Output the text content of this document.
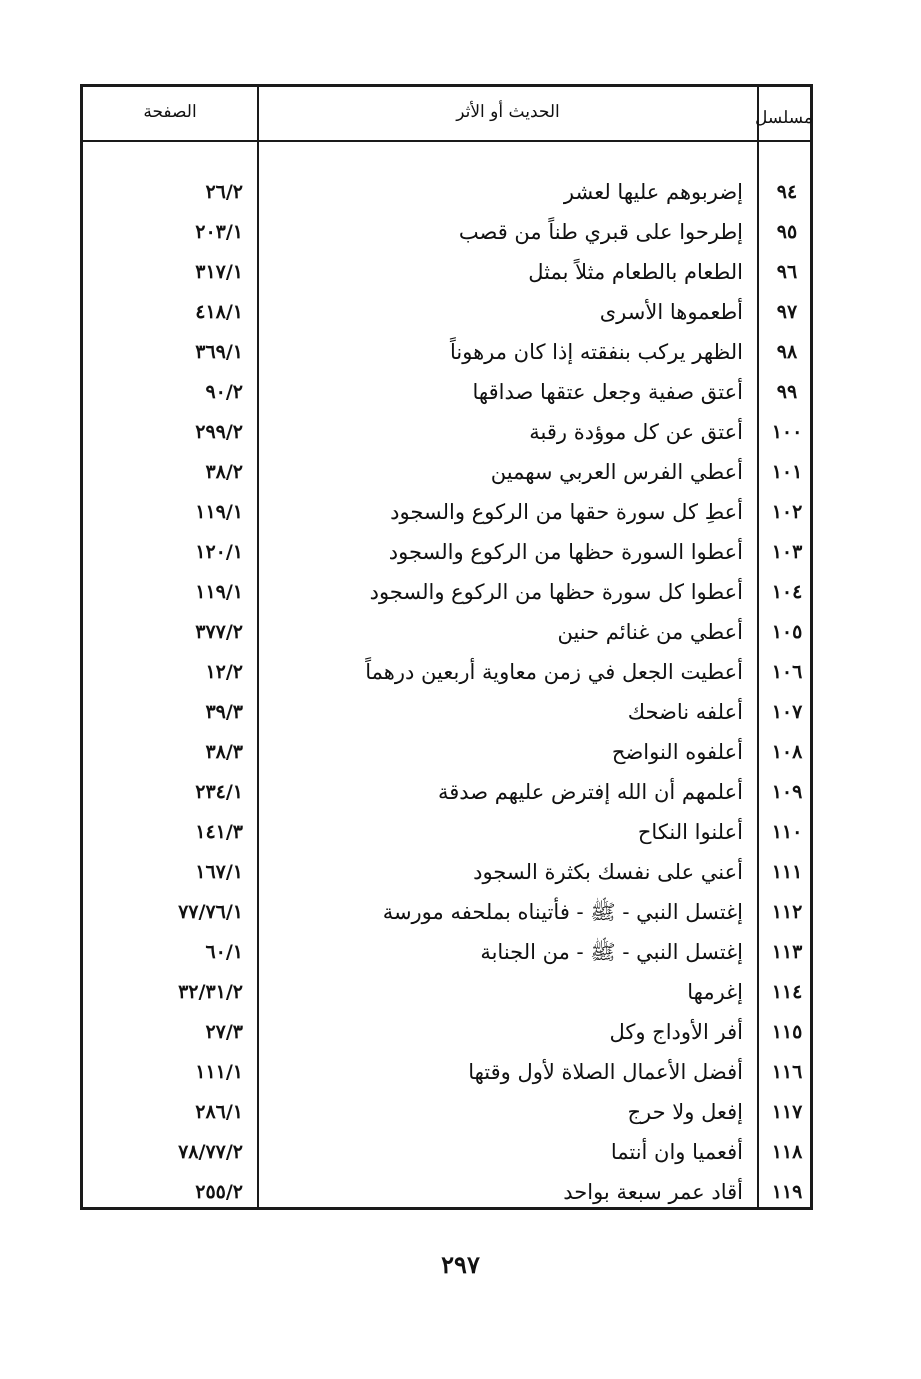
الصفحة	الحديث أو الأثر	مسلسل
٩٤
إضربوهم عليها لعشر
٢٦/٢
٩٥
إطرحوا على قبري طناً من قصب
٢٠٣/١
٩٦
الطعام بالطعام مثلاً بمثل
٣١٧/١
٩٧
أطعموها الأسرى
٤١٨/١
٩٨
الظهر يركب بنفقته إذا كان مرهوناً
٣٦٩/١
٩٩
أعتق صفية وجعل عتقها صداقها
٩٠/٢
١٠٠
أعتق عن كل موؤدة رقبة
٢٩٩/٢
١٠١
أعطي الفرس العربي سهمين
٣٨/٢
١٠٢
أعطِ كل سورة حقها من الركوع والسجود
١١٩/١
١٠٣
أعطوا السورة حظها من الركوع والسجود
١٢٠/١
١٠٤
أعطوا كل سورة حظها من الركوع والسجود
١١٩/١
١٠٥
أعطي من غنائم حنين
٣٧٧/٢
١٠٦
أعطيت الجعل في زمن معاوية أربعين درهماً
١٢/٢
١٠٧
أعلفه ناضحك
٣٩/٣
١٠٨
أعلفوه النواضح
٣٨/٣
١٠٩
أعلمهم أن الله إفترض عليهم صدقة
٢٣٤/١
١١٠
أعلنوا النكاح
١٤١/٣
١١١
أعني على نفسك بكثرة السجود
١٦٧/١
١١٢
إغتسل النبي - ﷺ - فأتيناه بملحفه مورسة
٧٧/٧٦/١
١١٣
إغتسل النبي - ﷺ - من الجنابة
٦٠/١
١١٤
إغرمها
٣٢/٣١/٢
١١٥
أفر الأوداج وكل
٢٧/٣
١١٦
أفضل الأعمال الصلاة لأول وقتها
١١١/١
١١٧
إفعل ولا حرج
٢٨٦/١
١١٨
أفعميا وان أنتما
٧٨/٧٧/٢
١١٩
أقاد عمر سبعة بواحد
٢٥٥/٢
٢٩٧
